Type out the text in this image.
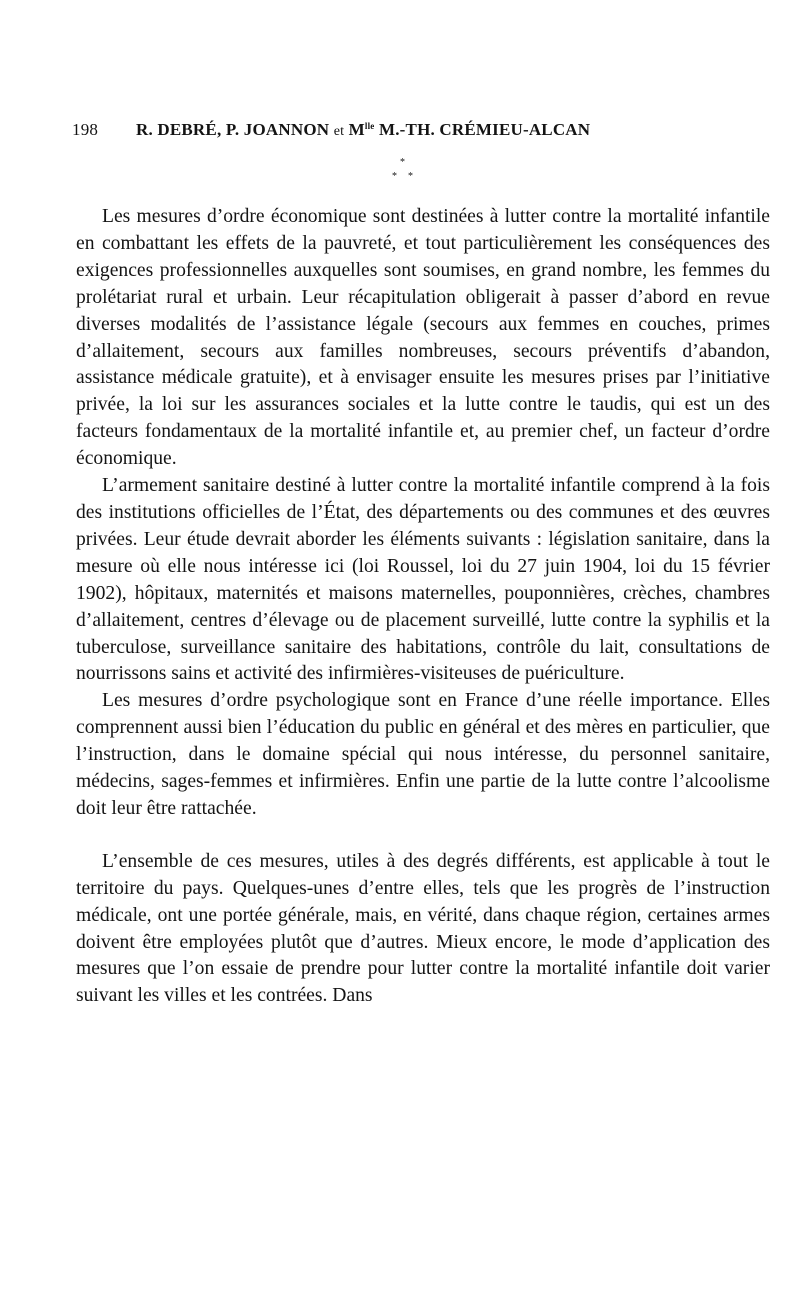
198 R. DEBRÉ, P. JOANNON et $M^{lle}$ M.-TH. CRÉMIEU-ALCAN
*
* *

Les mesures d’ordre économique sont destinées à lutter contre la mortalité infantile en combattant les effets de la pauvreté, et tout particulièrement les conséquences des exigences professionnelles auxquelles sont soumises, en grand nombre, les femmes du prolétariat rural et urbain. Leur récapitulation obligerait à passer d’abord en revue diverses modalités de l’assistance légale (secours aux femmes en couches, primes d’allaitement, secours aux familles nombreuses, secours préventifs d’abandon, assistance médicale gratuite), et à envisager ensuite les mesures prises par l’initiative privée, la loi sur les assurances sociales et la lutte contre le taudis, qui est un des facteurs fondamentaux de la mortalité infantile et, au premier chef, un facteur d’ordre économique.

L’armement sanitaire destiné à lutter contre la mortalité infantile comprend à la fois des institutions officielles de l’État, des départements ou des communes et des œuvres privées. Leur étude devrait aborder les éléments suivants : législation sanitaire, dans la mesure où elle nous intéresse ici (loi Roussel, loi du 27 juin 1904, loi du 15 février 1902), hôpitaux, maternités et maisons maternelles, pouponnières, crèches, chambres d’allaitement, centres d’élevage ou de placement surveillé, lutte contre la syphilis et la tuberculose, surveillance sanitaire des habitations, contrôle du lait, consultations de nourrissons sains et activité des infirmières-visiteuses de puériculture.

Les mesures d’ordre psychologique sont en France d’une réelle importance. Elles comprennent aussi bien l’éducation du public en général et des mères en particulier, que l’instruction, dans le domaine spécial qui nous intéresse, du personnel sanitaire, médecins, sages-femmes et infirmières. Enfin une partie de la lutte contre l’alcoolisme doit leur être rattachée.

L’ensemble de ces mesures, utiles à des degrés différents, est applicable à tout le territoire du pays. Quelques-unes d’entre elles, tels que les progrès de l’instruction médicale, ont une portée générale, mais, en vérité, dans chaque région, certaines armes doivent être employées plutôt que d’autres. Mieux encore, le mode d’application des mesures que l’on essaie de prendre pour lutter contre la mortalité infantile doit varier suivant les villes et les contrées. Dans
